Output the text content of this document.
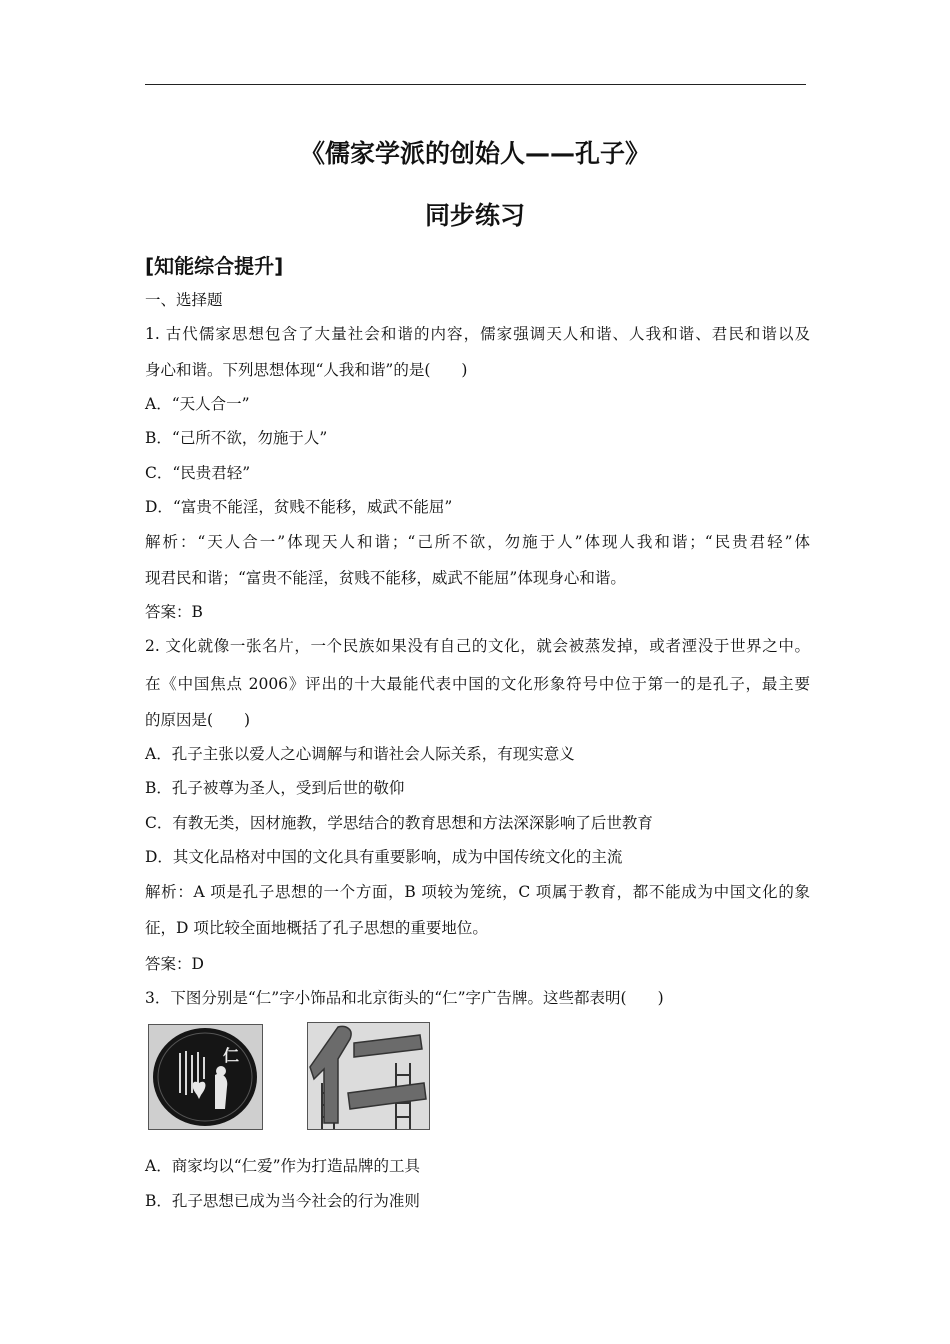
《儒家学派的创始人——孔子》
同步练习
[知能综合提升]
一、选择题
1. 古代儒家思想包含了大量社会和谐的内容，儒家强调天人和谐、人我和谐、君民和谐以及
身心和谐。下列思想体现“人我和谐”的是(　　)
A．“天人合一”
B．“己所不欲，勿施于人”
C．“民贵君轻”
D．“富贵不能淫，贫贱不能移，威武不能屈”
解析：“天人合一”体现天人和谐；“己所不欲，勿施于人”体现人我和谐；“民贵君轻”体
现君民和谐；“富贵不能淫，贫贱不能移，威武不能屈”体现身心和谐。
答案：B
2. 文化就像一张名片，一个民族如果没有自己的文化，就会被蒸发掉，或者湮没于世界之中。
在《中国焦点 2006》评出的十大最能代表中国的文化形象符号中位于第一的是孔子，最主要
的原因是(　　)
A．孔子主张以爱人之心调解与和谐社会人际关系，有现实意义
B．孔子被尊为圣人，受到后世的敬仰
C．有教无类，因材施教，学思结合的教育思想和方法深深影响了后世教育
D．其文化品格对中国的文化具有重要影响，成为中国传统文化的主流
解析：A 项是孔子思想的一个方面，B 项较为笼统，C 项属于教育，都不能成为中国文化的象
征，D 项比较全面地概括了孔子思想的重要地位。
答案：D
3．下图分别是“仁”字小饰品和北京街头的“仁”字广告牌。这些都表明(　　)
仁
仁
A．商家均以“仁爱”作为打造品牌的工具
B．孔子思想已成为当今社会的行为准则
